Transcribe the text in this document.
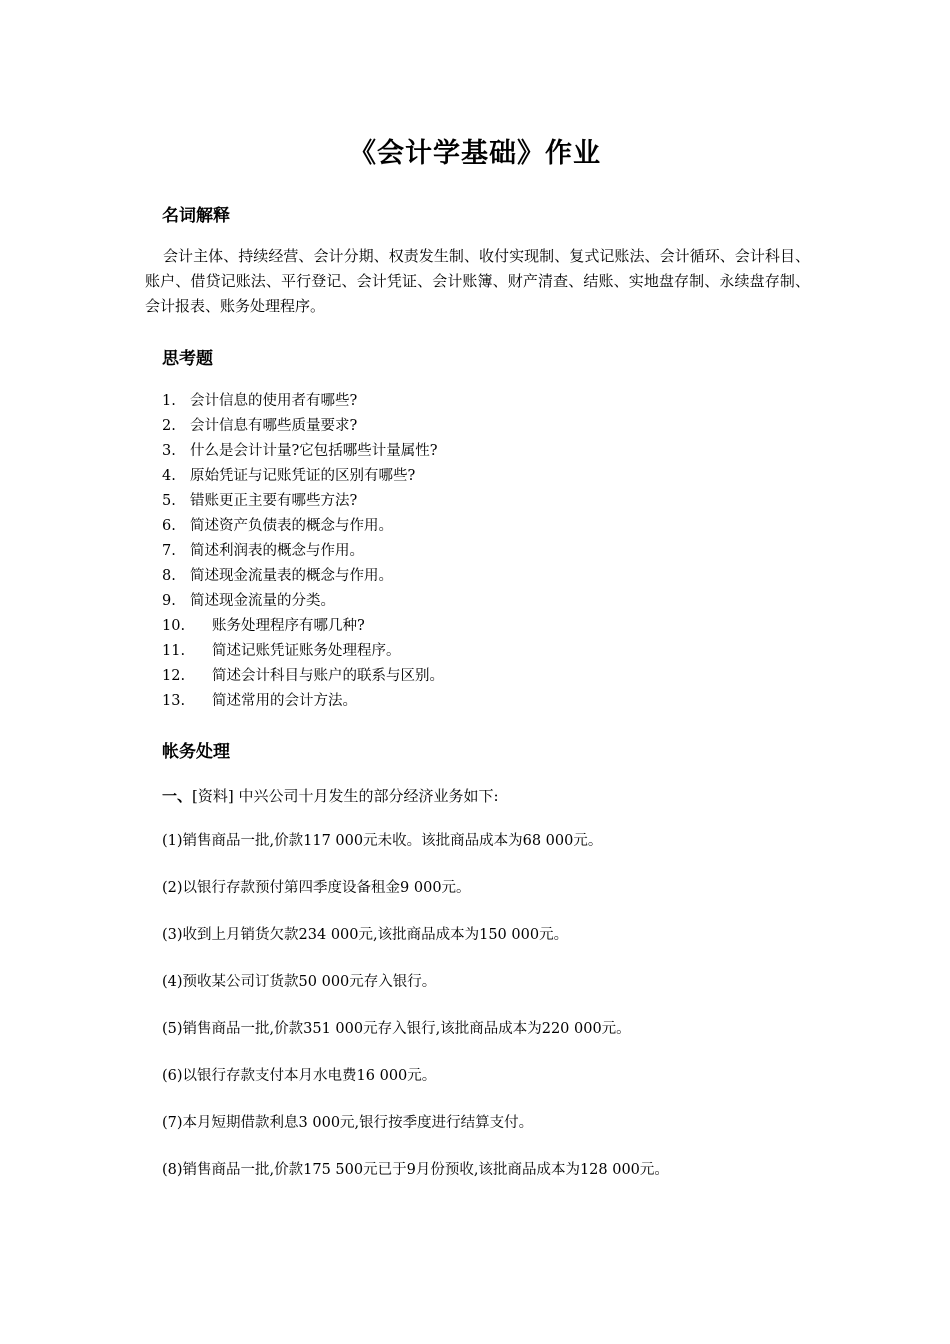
《会计学基础》作业
名词解释
会计主体、持续经营、会计分期、权责发生制、收付实现制、复式记账法、会计循环、会计科目、账户、借贷记账法、平行登记、会计凭证、会计账簿、财产清查、结账、实地盘存制、永续盘存制、会计报表、账务处理程序。
思考题
1. 会计信息的使用者有哪些?
2. 会计信息有哪些质量要求?
3. 什么是会计计量?它包括哪些计量属性?
4. 原始凭证与记账凭证的区别有哪些?
5. 错账更正主要有哪些方法?
6. 简述资产负债表的概念与作用。
7. 简述利润表的概念与作用。
8. 简述现金流量表的概念与作用。
9. 简述现金流量的分类。
10. 账务处理程序有哪几种?
11. 简述记账凭证账务处理程序。
12. 简述会计科目与账户的联系与区别。
13. 简述常用的会计方法。
帐务处理
一、[资料] 中兴公司十月发生的部分经济业务如下:
(1)销售商品一批,价款117 000元未收。该批商品成本为68 000元。
(2)以银行存款预付第四季度设备租金9 000元。
(3)收到上月销货欠款234 000元,该批商品成本为150 000元。
(4)预收某公司订货款50 000元存入银行。
(5)销售商品一批,价款351 000元存入银行,该批商品成本为220 000元。
(6)以银行存款支付本月水电费16 000元。
(7)本月短期借款利息3 000元,银行按季度进行结算支付。
(8)销售商品一批,价款175 500元已于9月份预收,该批商品成本为128 000元。
